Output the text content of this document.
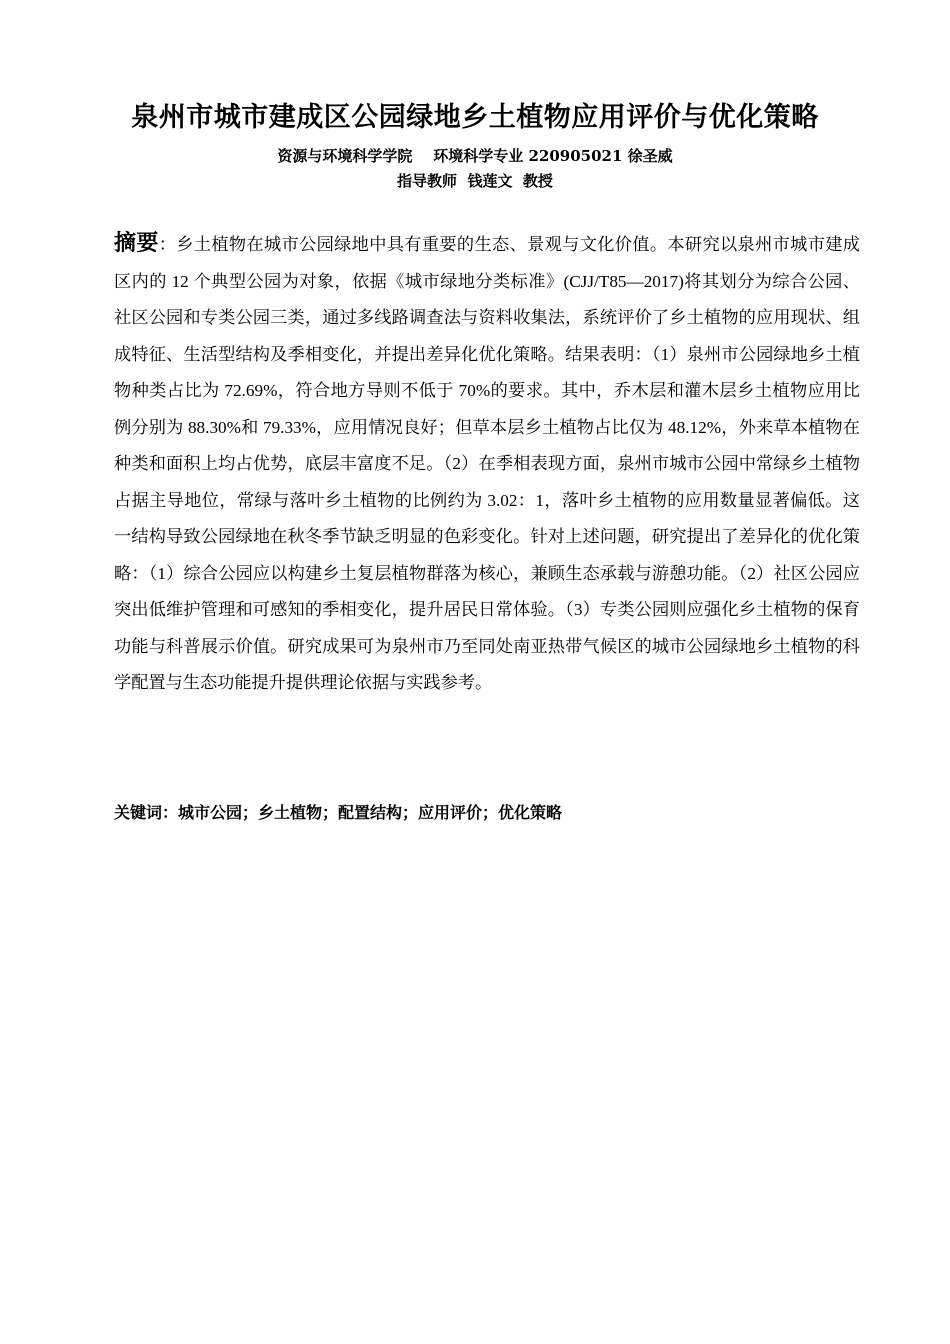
泉州市城市建成区公园绿地乡土植物应用评价与优化策略
资源与环境科学学院    环境科学专业 220905021 徐圣威
指导教师  钱莲文  教授
摘要：乡土植物在城市公园绿地中具有重要的生态、景观与文化价值。本研究以泉州市城市建成区内的 12 个典型公园为对象，依据《城市绿地分类标准》(CJJ/T85—2017)将其划分为综合公园、社区公园和专类公园三类，通过多线路调查法与资料收集法，系统评价了乡土植物的应用现状、组成特征、生活型结构及季相变化，并提出差异化优化策略。结果表明：（1）泉州市公园绿地乡土植物种类占比为 72.69%，符合地方导则不低于 70%的要求。其中，乔木层和灌木层乡土植物应用比例分别为 88.30%和 79.33%，应用情况良好；但草本层乡土植物占比仅为 48.12%，外来草本植物在种类和面积上均占优势，底层丰富度不足。（2）在季相表现方面，泉州市城市公园中常绿乡土植物占据主导地位，常绿与落叶乡土植物的比例约为 3.02：1，落叶乡土植物的应用数量显著偏低。这一结构导致公园绿地在秋冬季节缺乏明显的色彩变化。针对上述问题，研究提出了差异化的优化策略：（1）综合公园应以构建乡土复层植物群落为核心，兼顾生态承载与游憩功能。（2）社区公园应突出低维护管理和可感知的季相变化，提升居民日常体验。（3）专类公园则应强化乡土植物的保育功能与科普展示价值。研究成果可为泉州市乃至同处南亚热带气候区的城市公园绿地乡土植物的科学配置与生态功能提升提供理论依据与实践参考。
关键词：城市公园；乡土植物；配置结构；应用评价；优化策略
